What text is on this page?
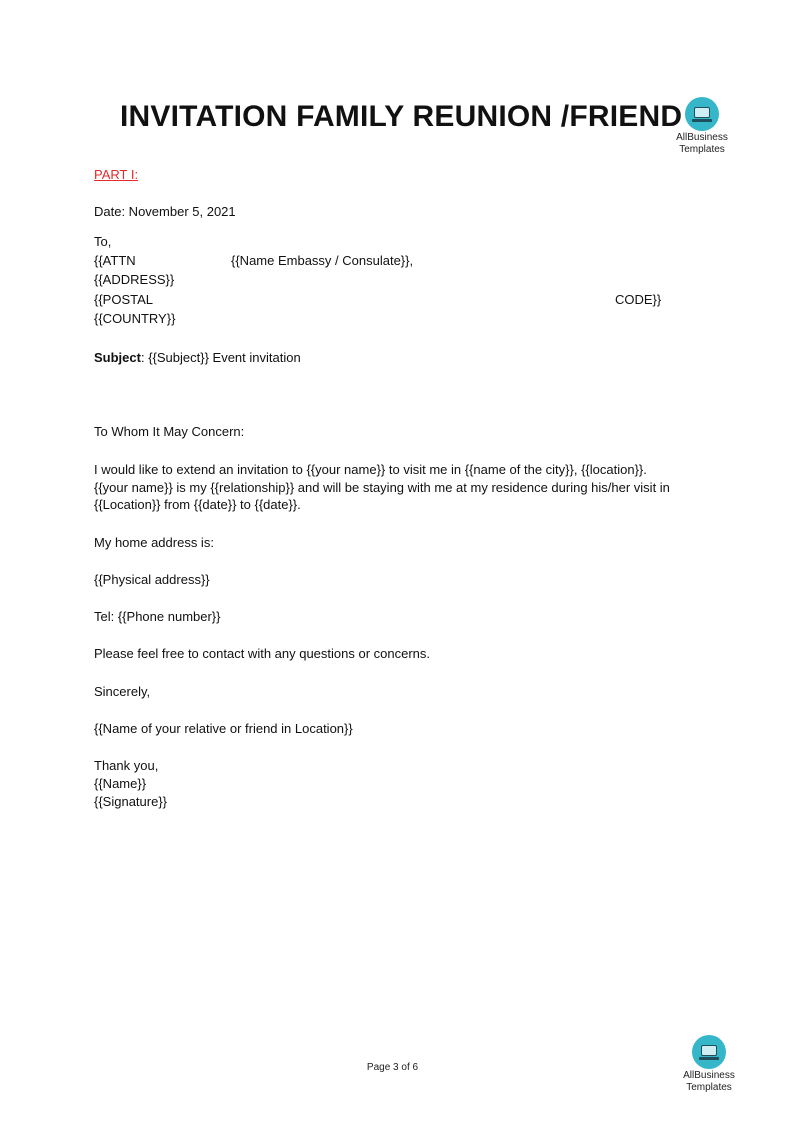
INVITATION FAMILY REUNION /FRIEND
AllBusiness
Templates
PART I:
Date: November 5, 2021
To,
{{ATTN	{{Name Embassy / Consulate}},
{{ADDRESS}}
{{POSTAL	CODE}}
{{COUNTRY}}
Subject: {{Subject}} Event invitation
To Whom It May Concern:
I would like to extend an invitation to {{your name}} to visit me in {{name of the city}}, {{location}}.
{{your name}} is my {{relationship}} and will be staying with me at my residence during his/her visit in
{{Location}} from {{date}} to {{date}}.
My home address is:
{{Physical address}}
Tel: {{Phone number}}
Please feel free to contact with any questions or concerns.
Sincerely,
{{Name of your relative or friend in Location}}
Thank you,
{{Name}}
{{Signature}}
Page 3 of 6
AllBusiness
Templates
